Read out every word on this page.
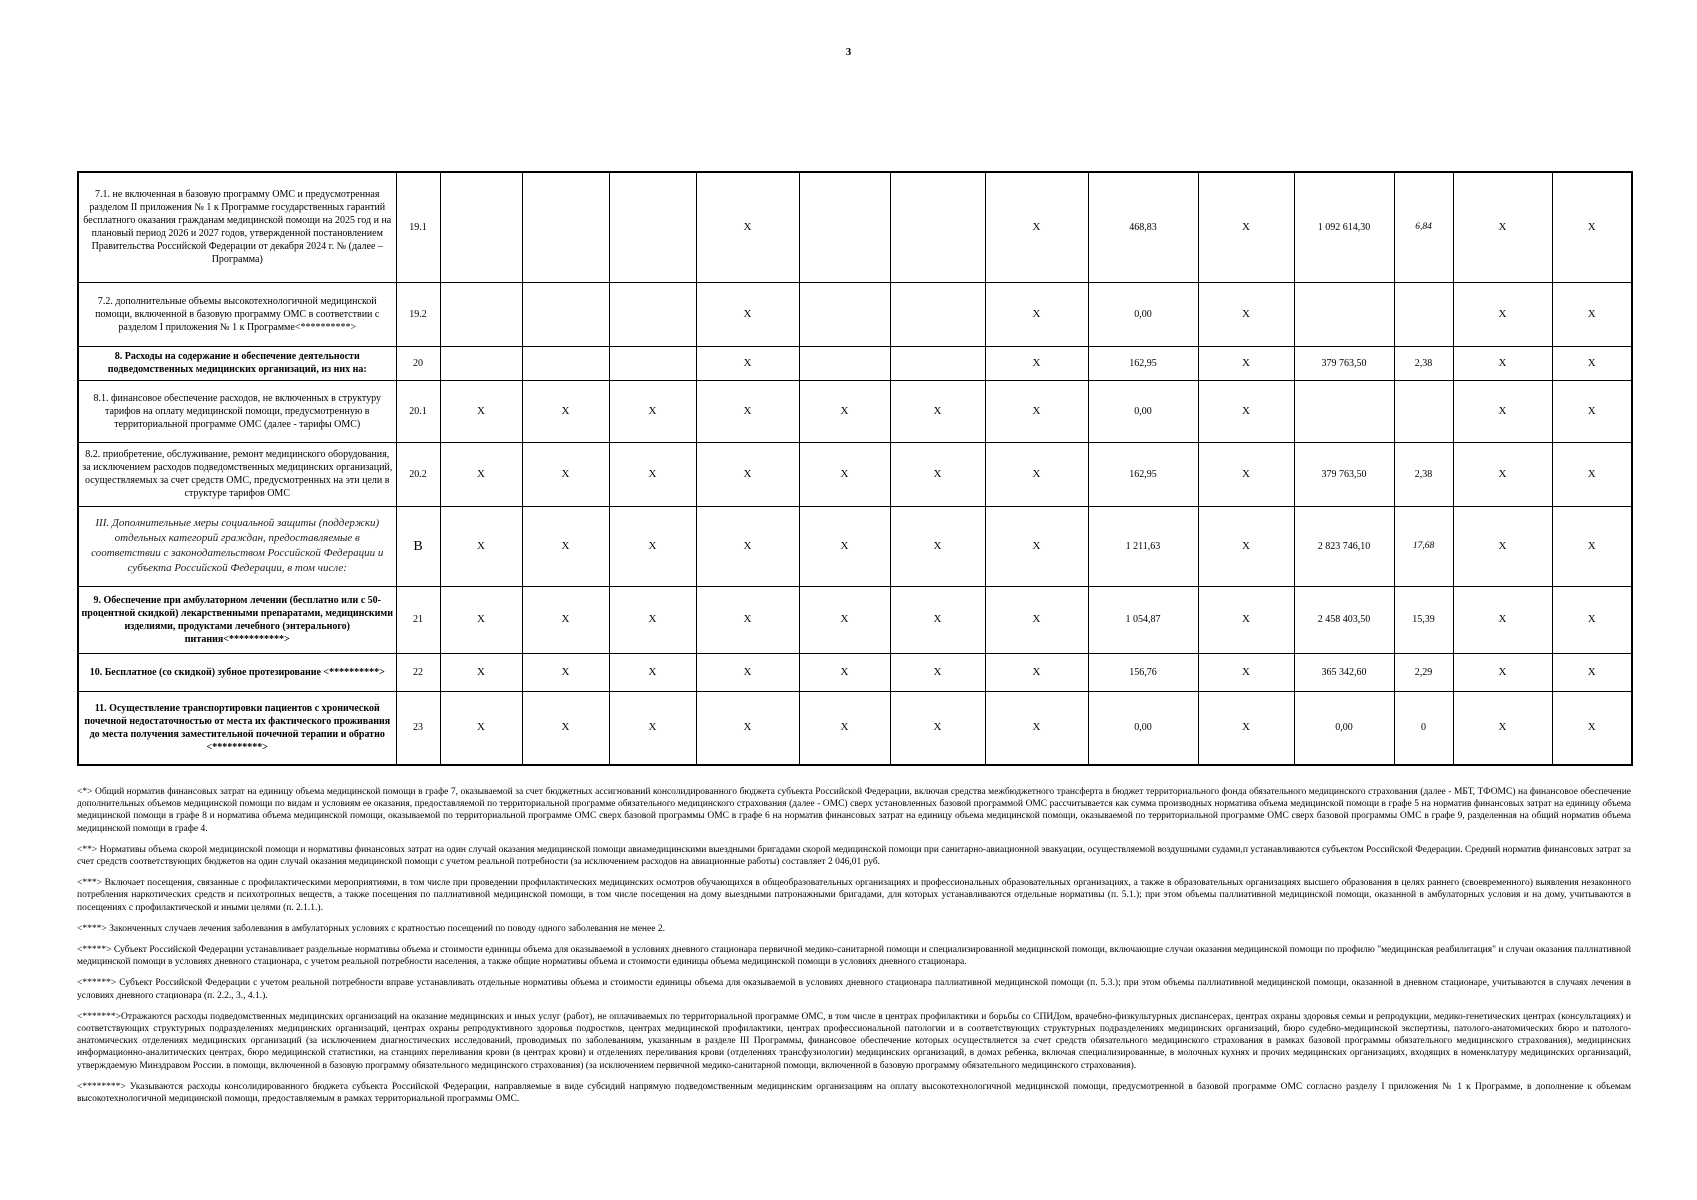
3
7.1. не включенная в базовую программу ОМС и предусмотренная разделом II приложения № 1 к Программе государственных гарантий бесплатного оказания гражданам медицинской помощи на 2025 год и на плановый период 2026 и 2027 годов, утвержденной постановлением Правительства Российской Федерации от декабря 2024 г. № (далее – Программа)	19.1				X			X	468,83	X	1 092 614,30	6,84	X	X
7.2. дополнительные объемы высокотехнологичной медицинской помощи, включенной в базовую программу ОМС в соответствии с разделом I приложения № 1 к Программе<**********>	19.2				X			X	0,00	X			X	X
8. Расходы на содержание и обеспечение деятельности подведомственных медицинских организаций, из них на:	20				X			X	162,95	X	379 763,50	2,38	X	X
8.1. финансовое обеспечение расходов, не включенных в структуру тарифов на оплату медицинской помощи, предусмотренную в территориальной программе ОМС (далее - тарифы ОМС)	20.1	X	X	X	X	X	X	X	0,00	X			X	X
8.2. приобретение, обслуживание, ремонт медицинского оборудования, за исключением расходов подведомственных медицинских организаций, осуществляемых за счет средств ОМС, предусмотренных на эти цели в структуре тарифов ОМС	20.2	X	X	X	X	X	X	X	162,95	X	379 763,50	2,38	X	X
III. Дополнительные меры социальной защиты (поддержки) отдельных категорий граждан, предоставляемые в соответствии с законодательством Российской Федерации и субъекта Российской Федерации, в том числе:	В	X	X	X	X	X	X	X	1 211,63	X	2 823 746,10	17,68	X	X
9. Обеспечение при амбулаторном лечении (бесплатно или с 50-процентной скидкой) лекарственными препаратами, медицинскими изделиями, продуктами лечебного (энтерального) питания<***********>	21	X	X	X	X	X	X	X	1 054,87	X	2 458 403,50	15,39	X	X
10. Бесплатное (со скидкой) зубное протезирование <**********>	22	X	X	X	X	X	X	X	156,76	X	365 342,60	2,29	X	X
11. Осуществление транспортировки пациентов с хронической почечной недостаточностью от места их фактического проживания до места получения заместительной почечной терапии и обратно <**********>	23	X	X	X	X	X	X	X	0,00	X	0,00	0	X	X

<*> Общий норматив финансовых затрат на единицу объема медицинской помощи в графе 7, оказываемой за счет бюджетных ассигнований консолидированного бюджета субъекта Российской Федерации, включая средства межбюджетного трансферта в бюджет территориального фонда обязательного медицинского страхования (далее - МБТ, ТФОМС) на финансовое обеспечение дополнительных объемов медицинской помощи по видам и условиям ее оказания, предоставляемой по территориальной программе обязательного медицинского страхования (далее - ОМС) сверх установленных базовой программой ОМС рассчитывается как сумма производных норматива объема медицинской помощи в графе 5 на норматив финансовых затрат на единицу объема медицинской помощи в графе 8 и норматива объема медицинской помощи, оказываемой по территориальной программе ОМС сверх базовой программы ОМС в графе 6 на норматив финансовых затрат на единицу объема медицинской помощи, оказываемой по территориальной программе ОМС сверх базовой программы ОМС в графе 9, разделенная на общий норматив объема медицинской помощи в графе 4.

<**> Нормативы объема скорой медицинской помощи и нормативы финансовых затрат на один случай оказания медицинской помощи авиамедицинскими выездными бригадами скорой медицинской помощи при санитарно-авиационной эвакуации, осуществляемой воздушными судами,п устанавливаются субъектом Российской Федерации. Средний норматив финансовых затрат за счет средств соответствующих бюджетов на один случай оказания медицинской помощи с учетом реальной потребности (за исключением расходов на авиационные работы) составляет 2 046,01 руб.

<***> Включает посещения, связанные с профилактическими мероприятиями, в том числе при проведении профилактических медицинских осмотров обучающихся в общеобразовательных организациях и профессиональных образовательных организациях, а также в образовательных организациях высшего образования в целях раннего (своевременного) выявления незаконного потребления наркотических средств и психотропных веществ, а также посещения по паллиативной медицинской помощи, в том числе посещения на дому выездными патронажными бригадами, для которых устанавливаются отдельные нормативы (п. 5.1.); при этом объемы паллиативной медицинской помощи, оказанной в амбулаторных условия и на дому, учитываются в посещениях с профилактической и иными целями (п. 2.1.1.).

<****> Законченных случаев лечения заболевания в амбулаторных условиях с кратностью посещений по поводу одного заболевания не менее 2.

<*****> Субъект Российской Федерации устанавливает раздельные нормативы объема и стоимости единицы объема для оказываемой в условиях дневного стационара первичной медико-санитарной помощи и специализированной медицинской помощи, включающие случаи оказания медицинской помощи по профилю "медицинская реабилитация" и случаи оказания паллиативной медицинской помощи в условиях дневного стационара, с учетом реальной потребности населения, а также общие нормативы объема и стоимости единицы объема медицинской помощи в условиях дневного стационара.

<******> Субъект Российской Федерации с учетом реальной потребности вправе устанавливать отдельные нормативы объема и стоимости единицы объема для оказываемой в условиях дневного стационара паллиативной медицинской помощи (п. 5.3.); при этом объемы паллиативной медицинской помощи, оказанной в дневном стационаре, учитываются в случаях лечения в условиях дневного стационара (п. 2.2., 3., 4.1.).

<*******>Отражаются расходы подведомственных медицинских организаций на оказание медицинских и иных услуг (работ), не оплачиваемых по территориальной программе ОМС, в том числе в центрах профилактики и борьбы со СПИДом, врачебно-физкультурных диспансерах, центрах охраны здоровья семьи и репродукции, медико-генетических центрах (консультациях) и соответствующих структурных подразделениях медицинских организаций, центрах охраны репродуктивного здоровья подростков, центрах медицинской профилактики, центрах профессиональной патологии и в соответствующих структурных подразделениях медицинских организаций, бюро судебно-медицинской экспертизы, патолого-анатомических бюро и патолого-анатомических отделениях медицинских организаций (за исключением диагностических исследований, проводимых по заболеваниям, указанным в разделе III Программы, финансовое обеспечение которых осуществляется за счет средств обязательного медицинского страхования в рамках базовой программы обязательного медицинского страхования), медицинских информационно-аналитических центрах, бюро медицинской статистики, на станциях переливания крови (в центрах крови) и отделениях переливания крови (отделениях трансфузиологии) медицинских организаций, в домах ребенка, включая специализированные, в молочных кухнях и прочих медицинских организациях, входящих в номенклатуру медицинских организаций, утверждаемую Минздравом России. в помощи, включенной в базовую программу обязательного медицинского страхования) (за исключением первичной медико-санитарной помощи, включенной в базовую программу обязательного медицинского страхования).

<********> Указываются расходы консолидированного бюджета субъекта Российской Федерации, направляемые в виде субсидий напрямую подведомственным медицинским организациям на оплату высокотехнологичной медицинской помощи, предусмотренной в базовой программе ОМС согласно разделу I приложения № 1 к Программе, в дополнение к объемам высокотехнологичной медицинской помощи, предоставляемым в рамках территориальной программы ОМС.
